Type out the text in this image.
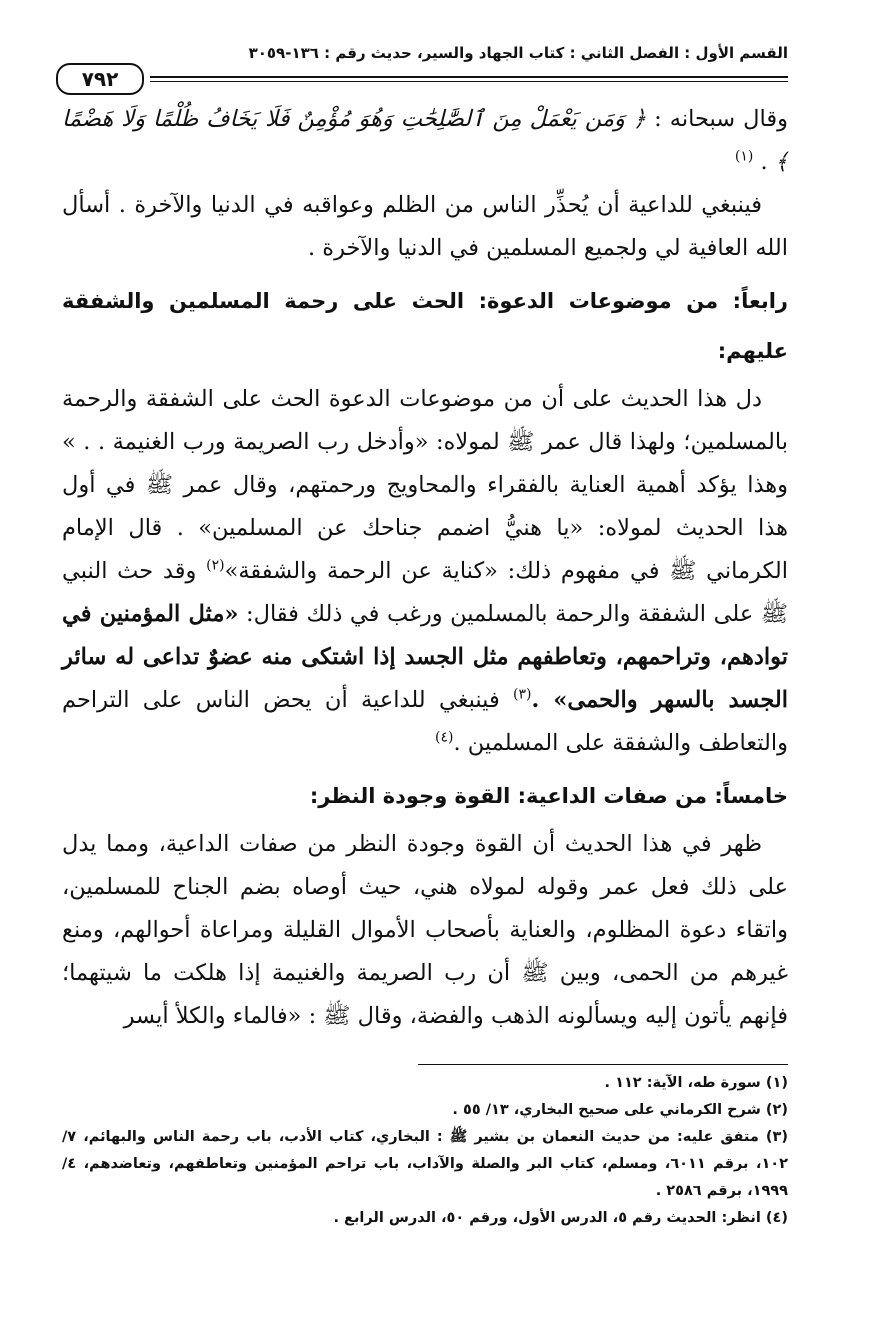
القسم الأول : الفصل الثاني : كتاب الجهاد والسير، حديث رقم : ١٣٦-٣٠٥٩
٧٩٢

وقال سبحانه : ﴿ وَمَن يَعْمَلْ مِنَ ٱلصَّٰلِحَٰتِ وَهُوَ مُؤْمِنٌ فَلَا يَخَافُ ظُلْمًا وَلَا هَضْمًا ﴾ . $^{(١)}$

فينبغي للداعية أن يُحذِّر الناس من الظلم وعواقبه في الدنيا والآخرة . أسأل الله العافية لي ولجميع المسلمين في الدنيا والآخرة .

رابعاً: من موضوعات الدعوة: الحث على رحمة المسلمين والشفقة عليهم:

دل هذا الحديث على أن من موضوعات الدعوة الحث على الشفقة والرحمة بالمسلمين؛ ولهذا قال عمر ﷺ لمولاه: «وأدخل رب الصريمة ورب الغنيمة . . » وهذا يؤكد أهمية العناية بالفقراء والمحاويج ورحمتهم، وقال عمر ﷺ في أول هذا الحديث لمولاه: «يا هنيُّ اضمم جناحك عن المسلمين» . قال الإمام الكرماني ﷺ في مفهوم ذلك: «كناية عن الرحمة والشفقة»$^{(٢)}$ وقد حث النبي ﷺ على الشفقة والرحمة بالمسلمين ورغب في ذلك فقال: «مثل المؤمنين في توادهم، وتراحمهم، وتعاطفهم مثل الجسد إذا اشتكى منه عضوٌ تداعى له سائر الجسد بالسهر والحمى» .$^{(٣)}$ فينبغي للداعية أن يحض الناس على التراحم والتعاطف والشفقة على المسلمين .$^{(٤)}$

خامساً: من صفات الداعية: القوة وجودة النظر:

ظهر في هذا الحديث أن القوة وجودة النظر من صفات الداعية، ومما يدل على ذلك فعل عمر وقوله لمولاه هني، حيث أوصاه بضم الجناح للمسلمين، واتقاء دعوة المظلوم، والعناية بأصحاب الأموال القليلة ومراعاة أحوالهم، ومنع غيرهم من الحمى، وبين ﷺ أن رب الصريمة والغنيمة إذا هلكت ما شيتهما؛ فإنهم يأتون إليه ويسألونه الذهب والفضة، وقال ﷺ : «فالماء والكلأ أيسر

(١) سورة طه، الآية: ١١٢ .
(٢) شرح الكرماني على صحيح البخاري، ١٣/ ٥٥ .
(٣) متفق عليه: من حديث النعمان بن بشير ﷺ : البخاري، كتاب الأدب، باب رحمة الناس والبهائم، ٧/ ١٠٢، برقم ٦٠١١، ومسلم، كتاب البر والصلة والآداب، باب تراحم المؤمنين وتعاطفهم، وتعاضدهم، ٤/ ١٩٩٩، برقم ٢٥٨٦ .
(٤) انظر: الحديث رقم ٥، الدرس الأول، ورقم ٥٠، الدرس الرابع .
